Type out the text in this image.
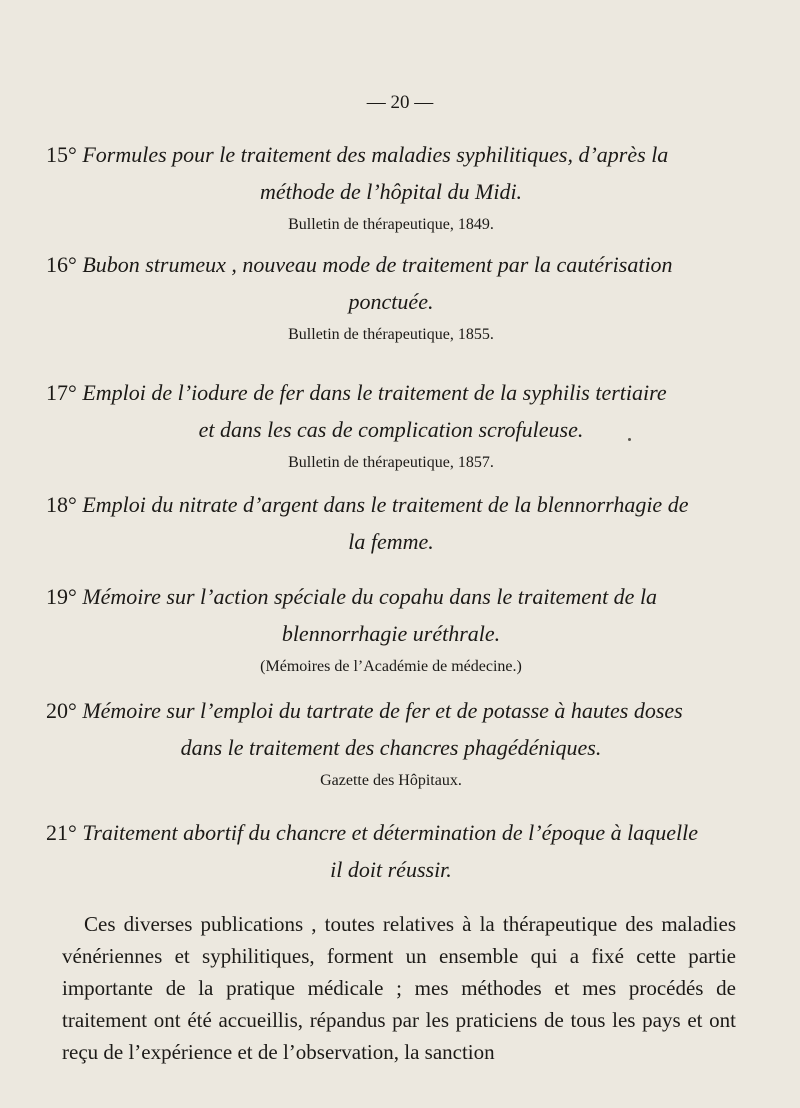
— 20 —

15° Formules pour le traitement des maladies syphilitiques, d’après la
méthode de l’hôpital du Midi.

Bulletin de thérapeutique, 1849.

16° Bubon strumeux , nouveau mode de traitement par la cautérisation
ponctuée.

Bulletin de thérapeutique, 1855.

17° Emploi de l’iodure de fer dans le traitement de la syphilis tertiaire
et dans les cas de complication scrofuleuse.

Bulletin de thérapeutique, 1857.

18° Emploi du nitrate d’argent dans le traitement de la blennorrhagie de
la femme.

19° Mémoire sur l’action spéciale du copahu dans le traitement de la
blennorrhagie uréthrale.

(Mémoires de l’Académie de médecine.)

20° Mémoire sur l’emploi du tartrate de fer et de potasse à hautes doses
dans le traitement des chancres phagédéniques.

Gazette des Hôpitaux.

21° Traitement abortif du chancre et détermination de l’époque à laquelle
il doit réussir.

Ces diverses publications , toutes relatives à la thérapeutique des maladies vénériennes et syphilitiques, forment un ensemble qui a fixé cette partie importante de la pratique médicale ; mes méthodes et mes procédés de traitement ont été accueillis, répandus par les praticiens de tous les pays et ont reçu de l’expérience et de l’observation, la sanction
